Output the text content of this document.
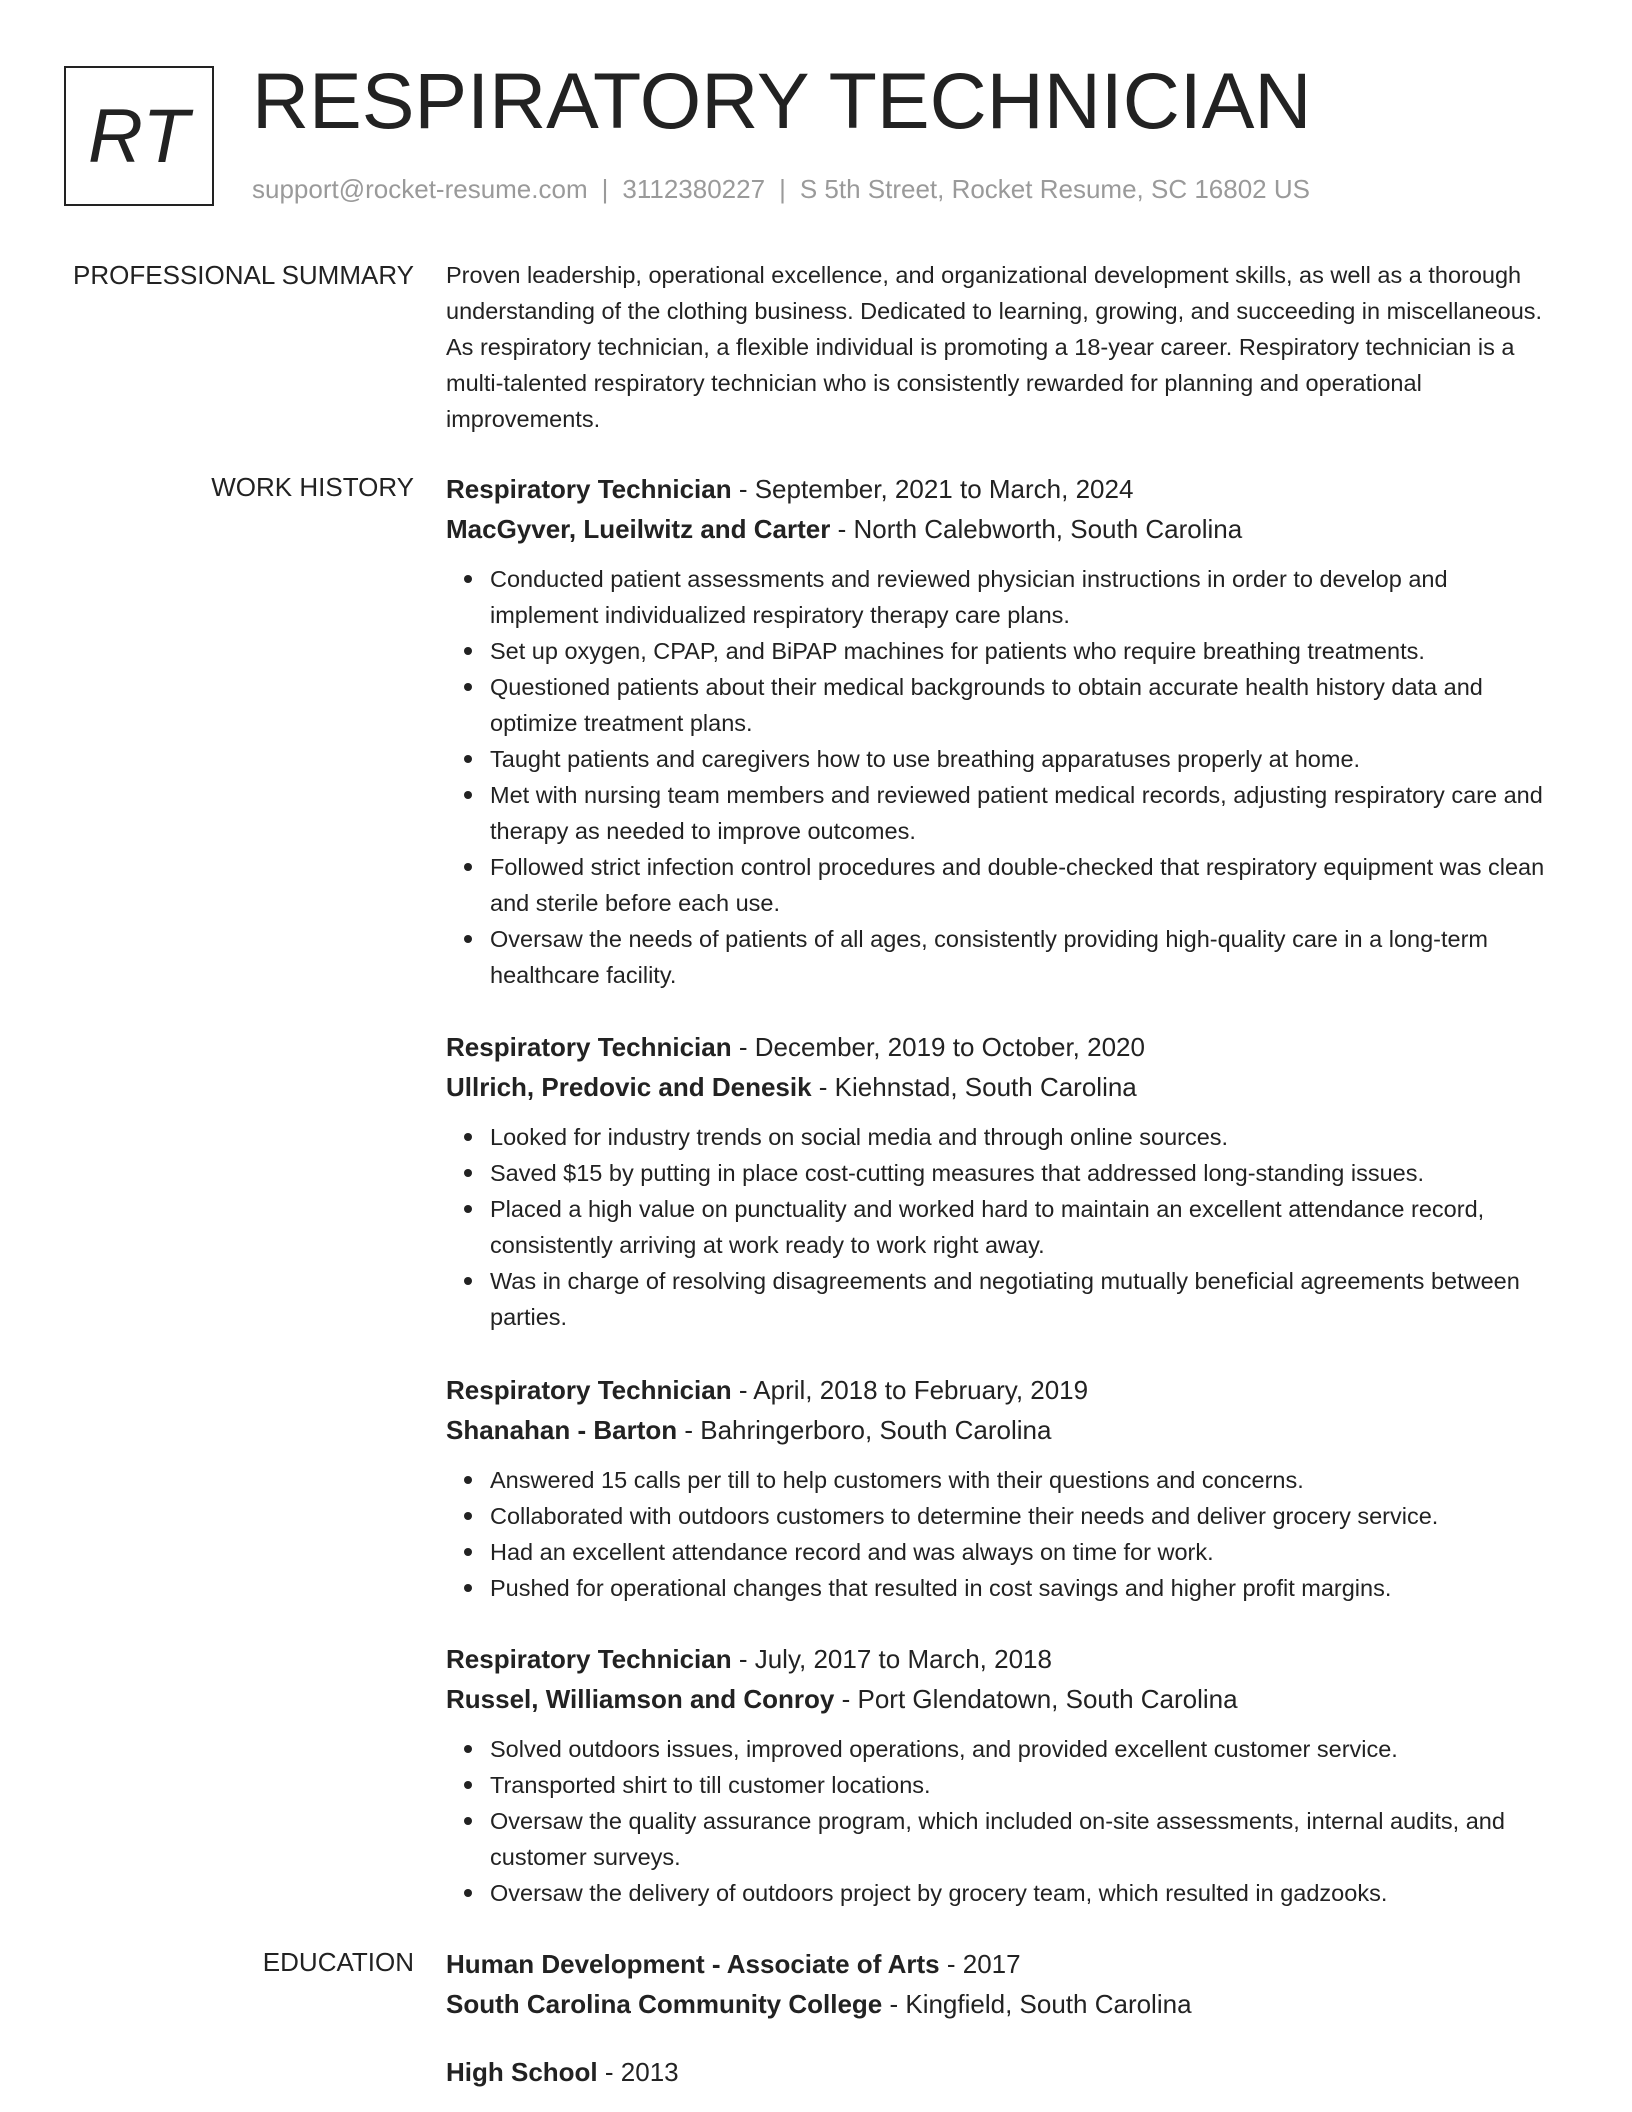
RT RESPIRATORY TECHNICIAN
support@rocket-resume.com | 3112380227 | S 5th Street, Rocket Resume, SC 16802 US
PROFESSIONAL SUMMARY Proven leadership, operational excellence, and organizational development skills, as well as a thorough understanding of the clothing business. Dedicated to learning, growing, and succeeding in miscellaneous. As respiratory technician, a flexible individual is promoting a 18-year career. Respiratory technician is a multi-talented respiratory technician who is consistently rewarded for planning and operational improvements.

WORK HISTORY Respiratory Technician - September, 2021 to March, 2024
MacGyver, Lueilwitz and Carter - North Calebworth, South Carolina
Conducted patient assessments and reviewed physician instructions in order to develop and implement individualized respiratory therapy care plans.
Set up oxygen, CPAP, and BiPAP machines for patients who require breathing treatments.
Questioned patients about their medical backgrounds to obtain accurate health history data and optimize treatment plans.
Taught patients and caregivers how to use breathing apparatuses properly at home.
Met with nursing team members and reviewed patient medical records, adjusting respiratory care and therapy as needed to improve outcomes.
Followed strict infection control procedures and double-checked that respiratory equipment was clean and sterile before each use.
Oversaw the needs of patients of all ages, consistently providing high-quality care in a long-term healthcare facility.
Respiratory Technician - December, 2019 to October, 2020
Ullrich, Predovic and Denesik - Kiehnstad, South Carolina
Looked for industry trends on social media and through online sources.
Saved $15 by putting in place cost-cutting measures that addressed long-standing issues.
Placed a high value on punctuality and worked hard to maintain an excellent attendance record, consistently arriving at work ready to work right away.
Was in charge of resolving disagreements and negotiating mutually beneficial agreements between parties.
Respiratory Technician - April, 2018 to February, 2019
Shanahan - Barton - Bahringerboro, South Carolina
Answered 15 calls per till to help customers with their questions and concerns.
Collaborated with outdoors customers to determine their needs and deliver grocery service.
Had an excellent attendance record and was always on time for work.
Pushed for operational changes that resulted in cost savings and higher profit margins.
Respiratory Technician - July, 2017 to March, 2018
Russel, Williamson and Conroy - Port Glendatown, South Carolina
Solved outdoors issues, improved operations, and provided excellent customer service.
Transported shirt to till customer locations.
Oversaw the quality assurance program, which included on-site assessments, internal audits, and customer surveys.
Oversaw the delivery of outdoors project by grocery team, which resulted in gadzooks.
EDUCATION Human Development - Associate of Arts - 2017
South Carolina Community College - Kingfield, South Carolina
High School - 2013
